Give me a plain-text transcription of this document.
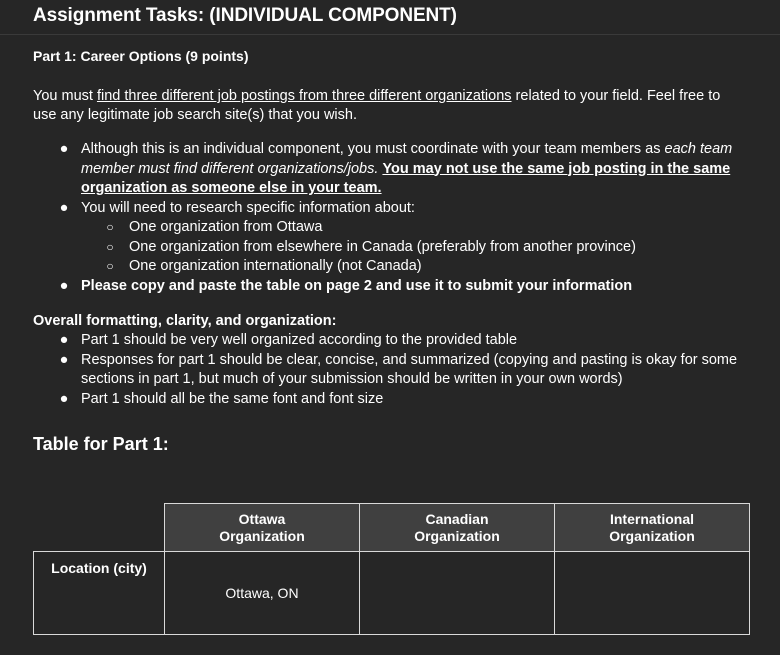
Assignment Tasks: (INDIVIDUAL COMPONENT)
Part 1: Career Options (9 points)
You must find three different job postings from three different organizations related to your field. Feel free to
use any legitimate job search site(s) that you wish.
● Although this is an individual component, you must coordinate with your team members as each team member must find different organizations/jobs. You may not use the same job posting in the same organization as someone else in your team.
● You will need to research specific information about:
○ One organization from Ottawa
○ One organization from elsewhere in Canada (preferably from another province)
○ One organization internationally (not Canada)
● Please copy and paste the table on page 2 and use it to submit your information
Overall formatting, clarity, and organization:
● Part 1 should be very well organized according to the provided table
● Responses for part 1 should be clear, concise, and summarized (copying and pasting is okay for some sections in part 1, but much of your submission should be written in your own words)
● Part 1 should all be the same font and font size
Table for Part 1:
Ottawa
Organization
Canadian
Organization
International
Organization
Location (city)
Ottawa, ON
